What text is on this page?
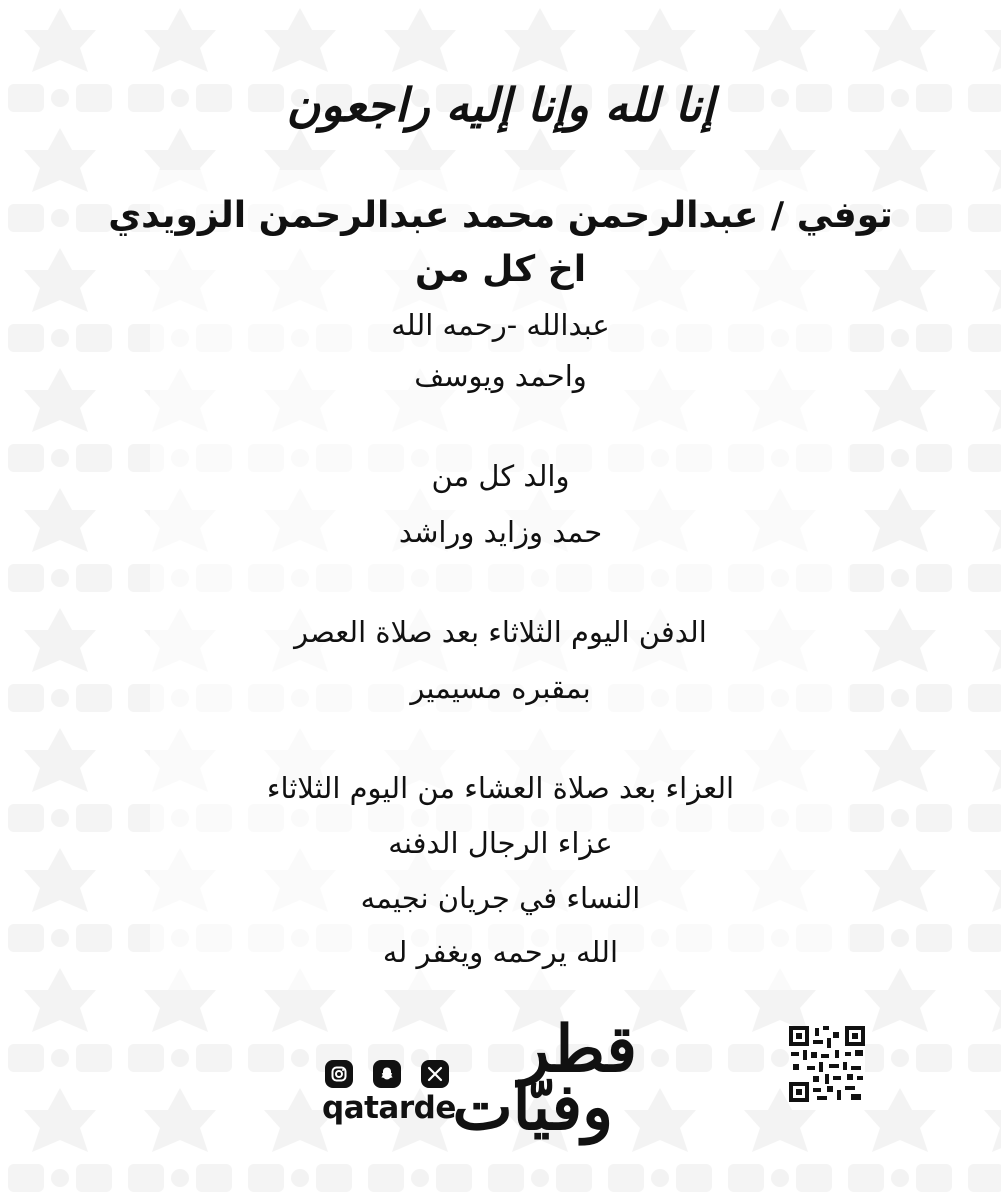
إنا لله وإنا إليه راجعون
توفي / عبدالرحمن محمد عبدالرحمن الزويدي
اخ كل من
عبدالله -رحمه الله
واحمد ويوسف
والد كل من
حمد وزايد وراشد
الدفن اليوم الثلاثاء بعد صلاة العصر
بمقبره مسيمير
العزاء بعد صلاة العشاء من اليوم الثلاثاء
عزاء الرجال الدفنه
النساء في جريان نجيمه
الله يرحمه ويغفر له
qatarde
قطر
وفيّات
